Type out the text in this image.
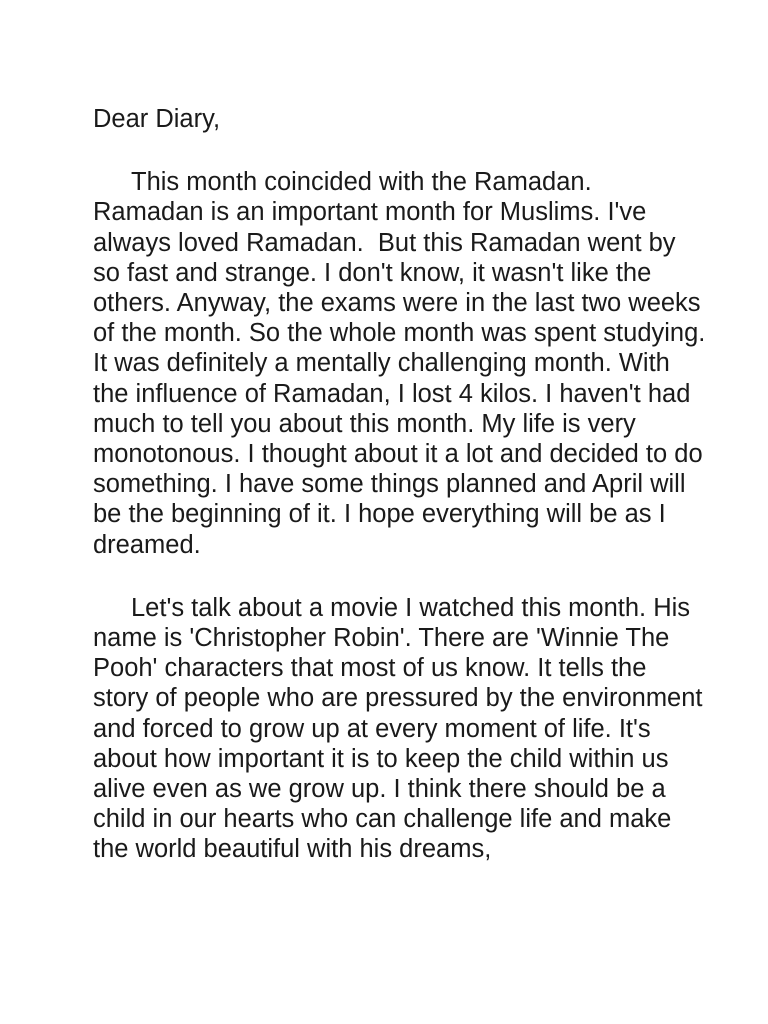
Dear Diary,

This month coincided with the Ramadan. Ramadan is an important month for Muslims. I've always loved Ramadan.  But this Ramadan went by so fast and strange. I don't know, it wasn't like the others. Anyway, the exams were in the last two weeks of the month. So the whole month was spent studying. It was definitely a mentally challenging month. With the influence of Ramadan, I lost 4 kilos. I haven't had much to tell you about this month. My life is very monotonous. I thought about it a lot and decided to do something. I have some things planned and April will be the beginning of it. I hope everything will be as I dreamed.

Let's talk about a movie I watched this month. His name is 'Christopher Robin'. There are 'Winnie The Pooh' characters that most of us know. It tells the story of people who are pressured by the environment and forced to grow up at every moment of life. It's about how important it is to keep the child within us alive even as we grow up. I think there should be a child in our hearts who can challenge life and make the world beautiful with his dreams,
